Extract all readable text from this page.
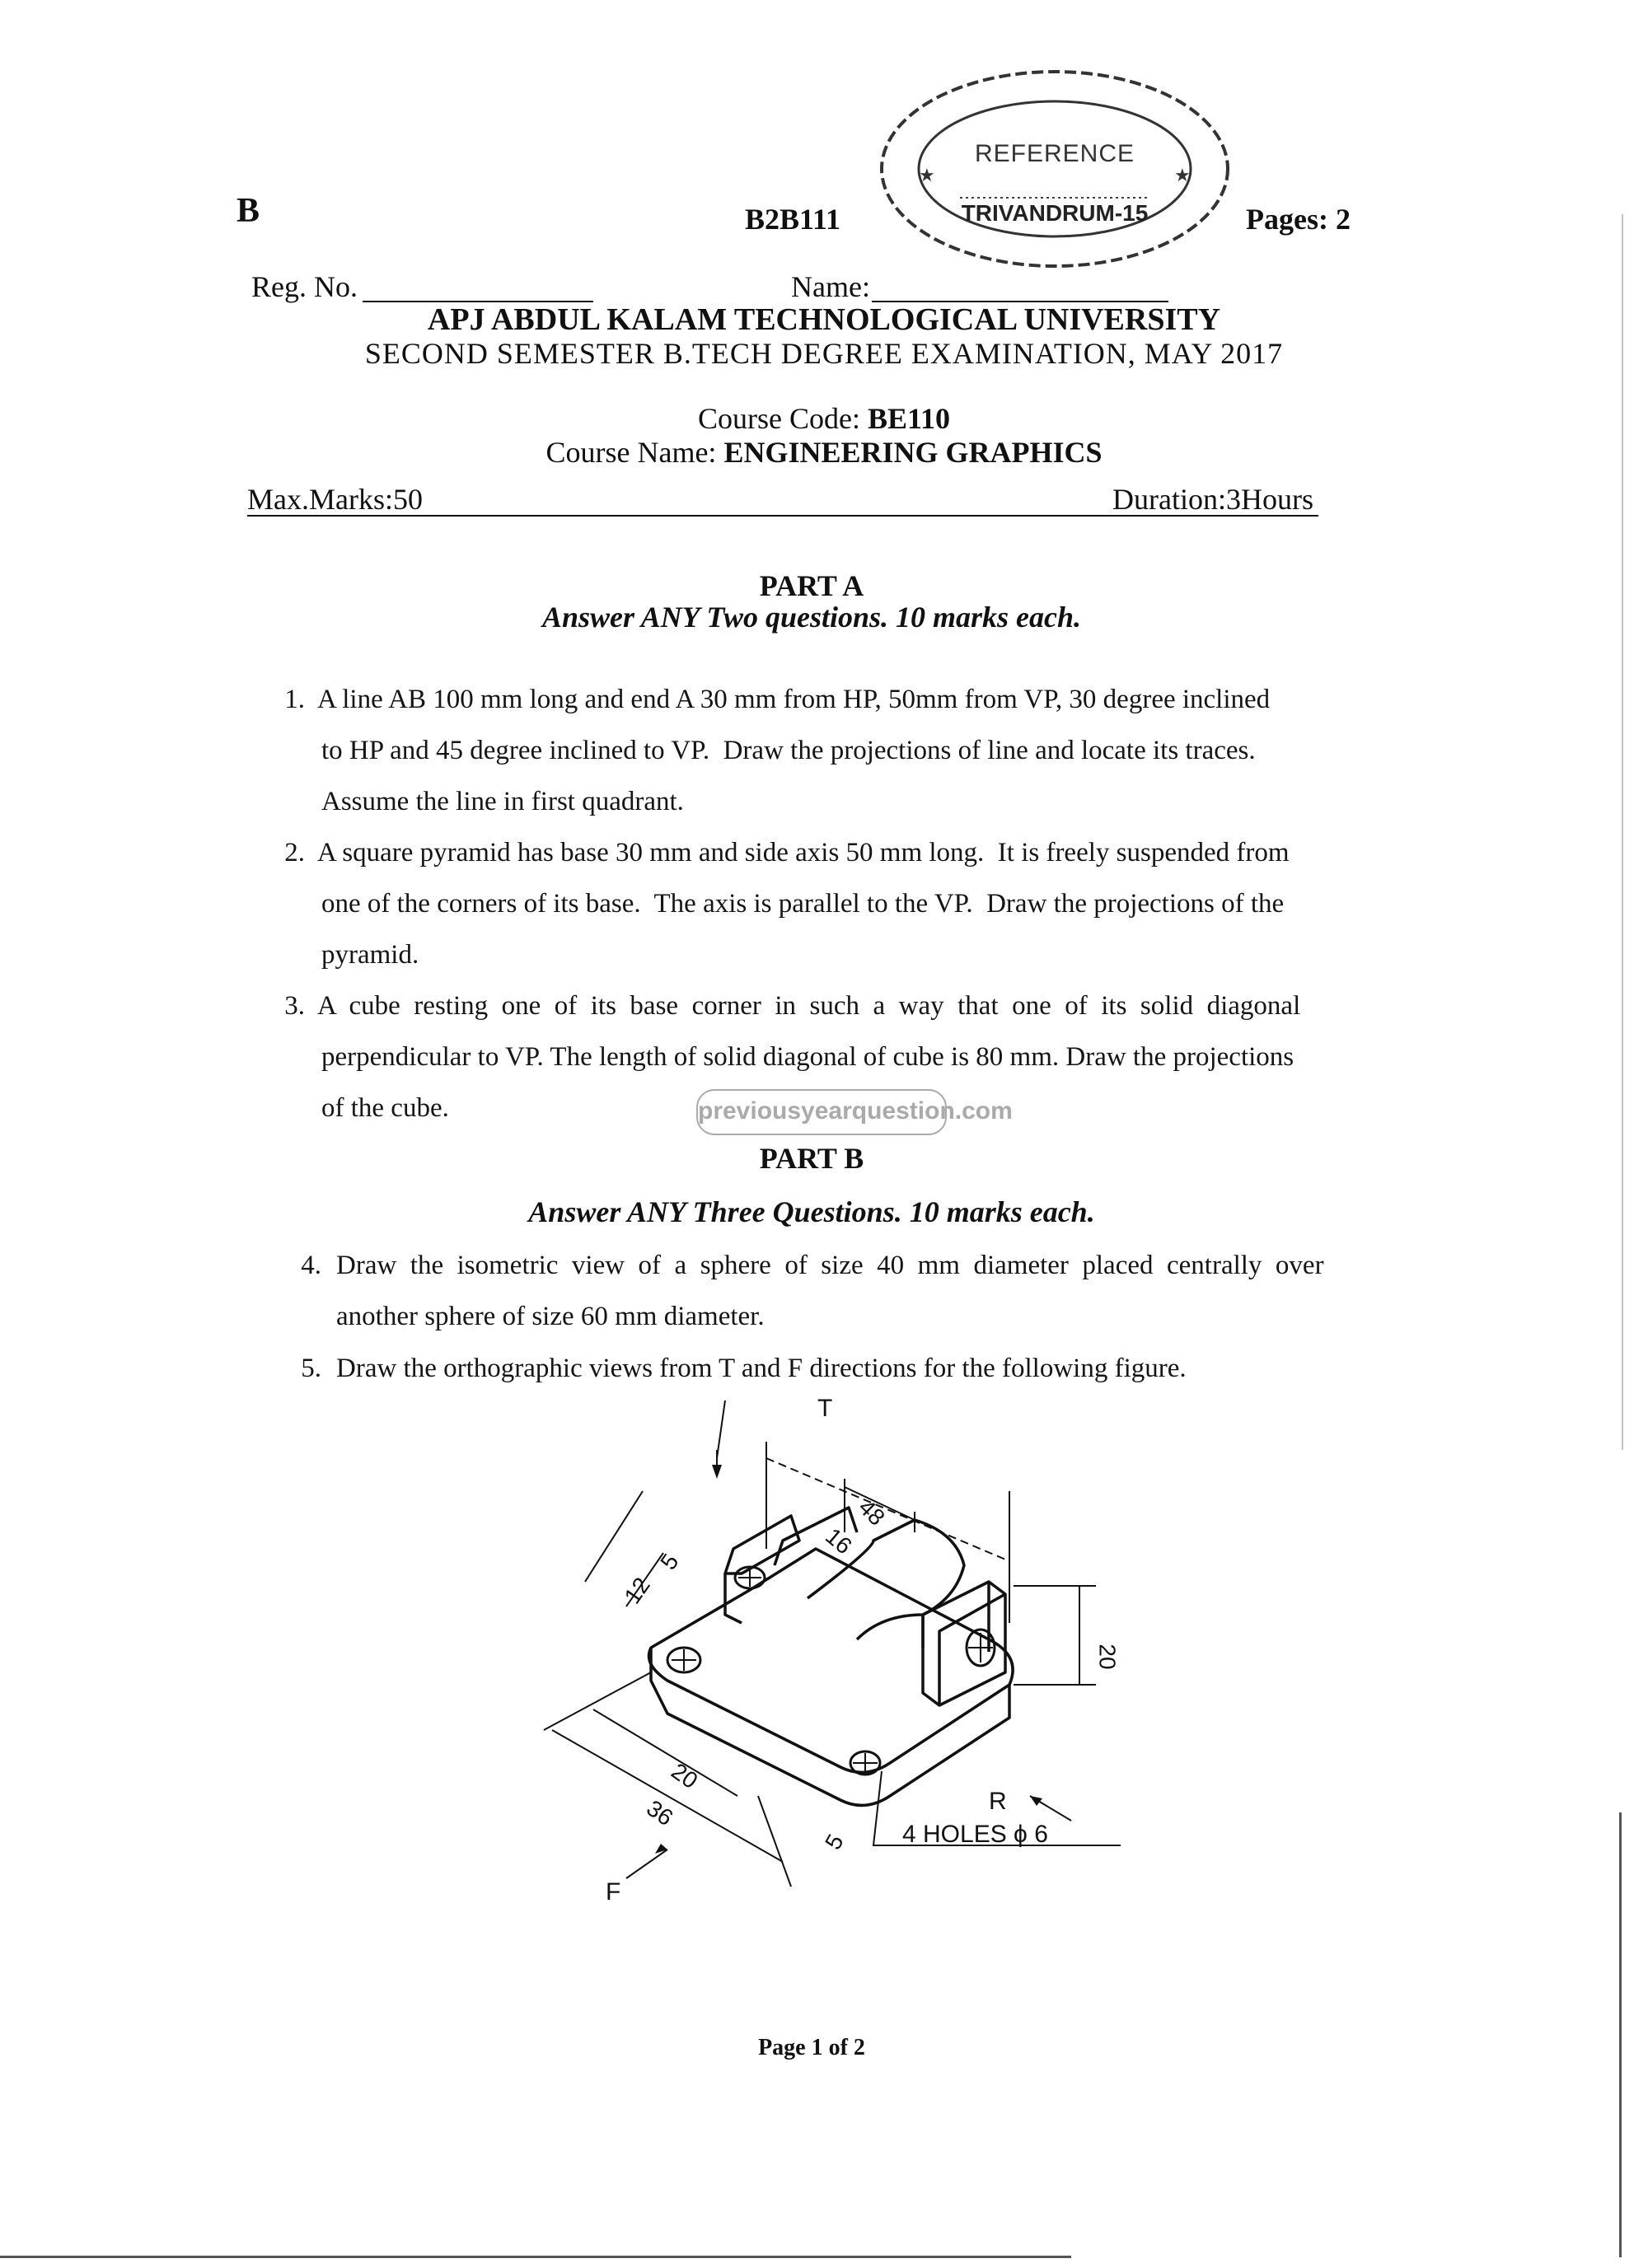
B	B2B111	Pages: 2
TRIVANDRUM-15
★	★
REFERENCE
Reg. No.	Name:
APJ ABDUL KALAM TECHNOLOGICAL UNIVERSITY
SECOND SEMESTER B.TECH DEGREE EXAMINATION, MAY 2017
Course Code: BE110
Course Name: ENGINEERING GRAPHICS
Max.Marks:50	Duration:3Hours
PART A
Answer ANY Two questions. 10 marks each.
1. A line AB 100 mm long and end A 30 mm from HP, 50mm from VP, 30 degree inclined
to HP and 45 degree inclined to VP.  Draw the projections of line and locate its traces.
Assume the line in first quadrant.
2. A square pyramid has base 30 mm and side axis 50 mm long.  It is freely suspended from
one of the corners of its base.  The axis is parallel to the VP.  Draw the projections of the
pyramid.
3. A  cube  resting  one  of  its  base  corner  in  such  a  way  that  one  of  its  solid  diagonal
perpendicular to VP. The length of solid diagonal of cube is 80 mm. Draw the projections
of the cube.	previousyearquestion.com
PART B
Answer ANY Three Questions. 10 marks each.
4. Draw  the  isometric  view  of  a  sphere  of  size  40  mm  diameter  placed  centrally  over
another sphere of size 60 mm diameter.
5. Draw the orthographic views from T and F directions for the following figure.
T
48
16
12
5
20
20
36
5
R
4 HOLES ϕ 6
F
Page 1 of 2
